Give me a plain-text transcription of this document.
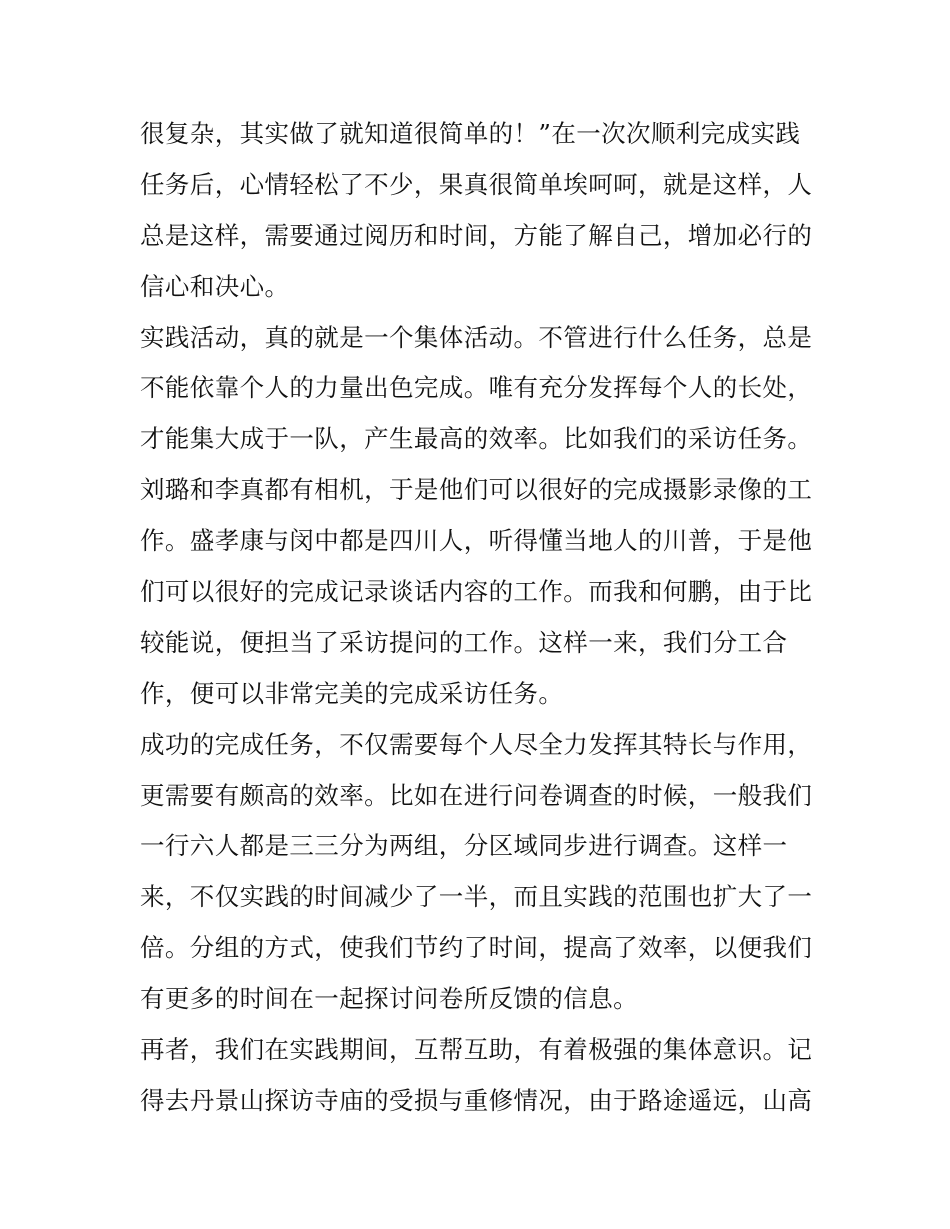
很复杂，其实做了就知道很简单的！”在一次次顺利完成实践
任务后，心情轻松了不少，果真很简单埃呵呵，就是这样，人
总是这样，需要通过阅历和时间，方能了解自己，增加必行的
信心和决心。
实践活动，真的就是一个集体活动。不管进行什么任务，总是
不能依靠个人的力量出色完成。唯有充分发挥每个人的长处，
才能集大成于一队，产生最高的效率。比如我们的采访任务。
刘璐和李真都有相机，于是他们可以很好的完成摄影录像的工
作。盛孝康与闵中都是四川人，听得懂当地人的川普，于是他
们可以很好的完成记录谈话内容的工作。而我和何鹏，由于比
较能说，便担当了采访提问的工作。这样一来，我们分工合
作，便可以非常完美的完成采访任务。
成功的完成任务，不仅需要每个人尽全力发挥其特长与作用，
更需要有颇高的效率。比如在进行问卷调查的时候，一般我们
一行六人都是三三分为两组，分区域同步进行调查。这样一
来，不仅实践的时间减少了一半，而且实践的范围也扩大了一
倍。分组的方式，使我们节约了时间，提高了效率，以便我们
有更多的时间在一起探讨问卷所反馈的信息。
再者，我们在实践期间，互帮互助，有着极强的集体意识。记
得去丹景山探访寺庙的受损与重修情况，由于路途遥远，山高
